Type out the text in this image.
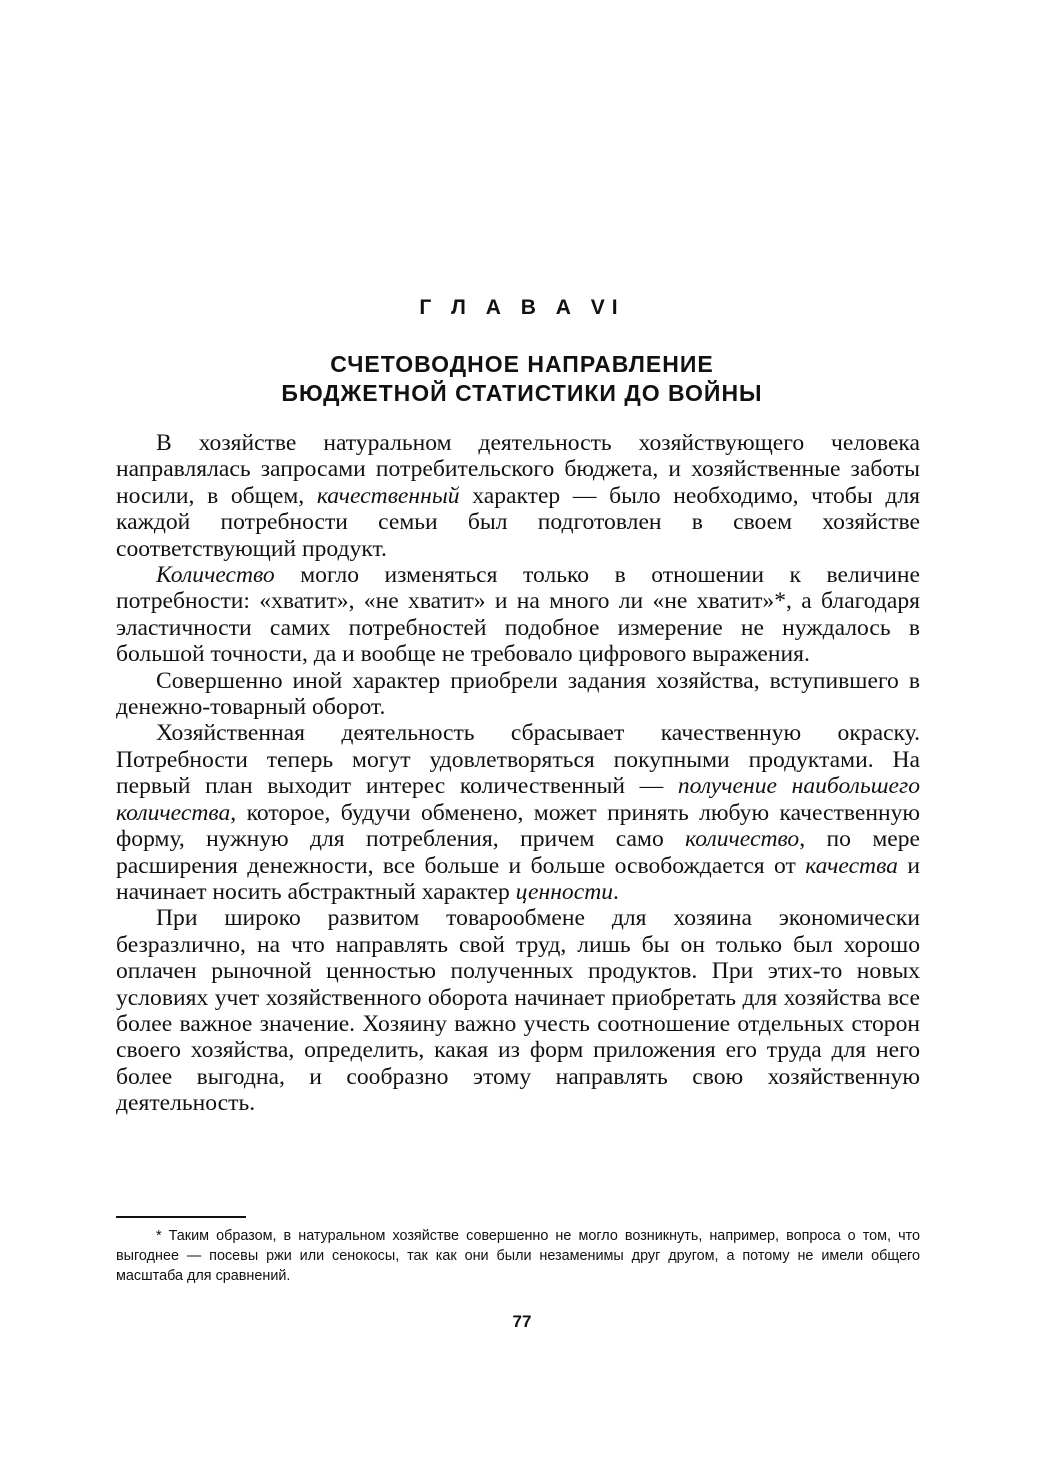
Г Л А В А VI
СЧЕТОВОДНОЕ НАПРАВЛЕНИЕ
БЮДЖЕТНОЙ СТАТИСТИКИ ДО ВОЙНЫ

В хозяйстве натуральном деятельность хозяйствующего человека направлялась запросами потребительского бюджета, и хозяйственные заботы носили, в общем, качественный характер — было необходимо, чтобы для каждой потребности семьи был подготовлен в своем хозяйстве соответствующий продукт.

Количество могло изменяться только в отношении к величине потребности: «хватит», «не хватит» и на много ли «не хватит»*, а благодаря эластичности самих потребностей подобное измерение не нуждалось в большой точности, да и вообще не требовало цифрового выражения.

Совершенно иной характер приобрели задания хозяйства, вступившего в денежно-товарный оборот.

Хозяйственная деятельность сбрасывает качественную окраску. Потребности теперь могут удовлетворяться покупными продуктами. На первый план выходит интерес количественный — получение наибольшего количества, которое, будучи обменено, может принять любую качественную форму, нужную для потребления, причем само количество, по мере расширения денежности, все больше и больше освобождается от качества и начинает носить абстрактный характер ценности.

При широко развитом товарообмене для хозяина экономически безразлично, на что направлять свой труд, лишь бы он только был хорошо оплачен рыночной ценностью полученных продуктов. При этих-то новых условиях учет хозяйственного оборота начинает приобретать для хозяйства все более важное значение. Хозяину важно учесть соотношение отдельных сторон своего хозяйства, определить, какая из форм приложения его труда для него более выгодна, и сообразно этому направлять свою хозяйственную деятельность.

* Таким образом, в натуральном хозяйстве совершенно не могло возникнуть, например, вопроса о том, что выгоднее — посевы ржи или сенокосы, так как они были незаменимы друг другом, а потому не имели общего масштаба для сравнений.

77
